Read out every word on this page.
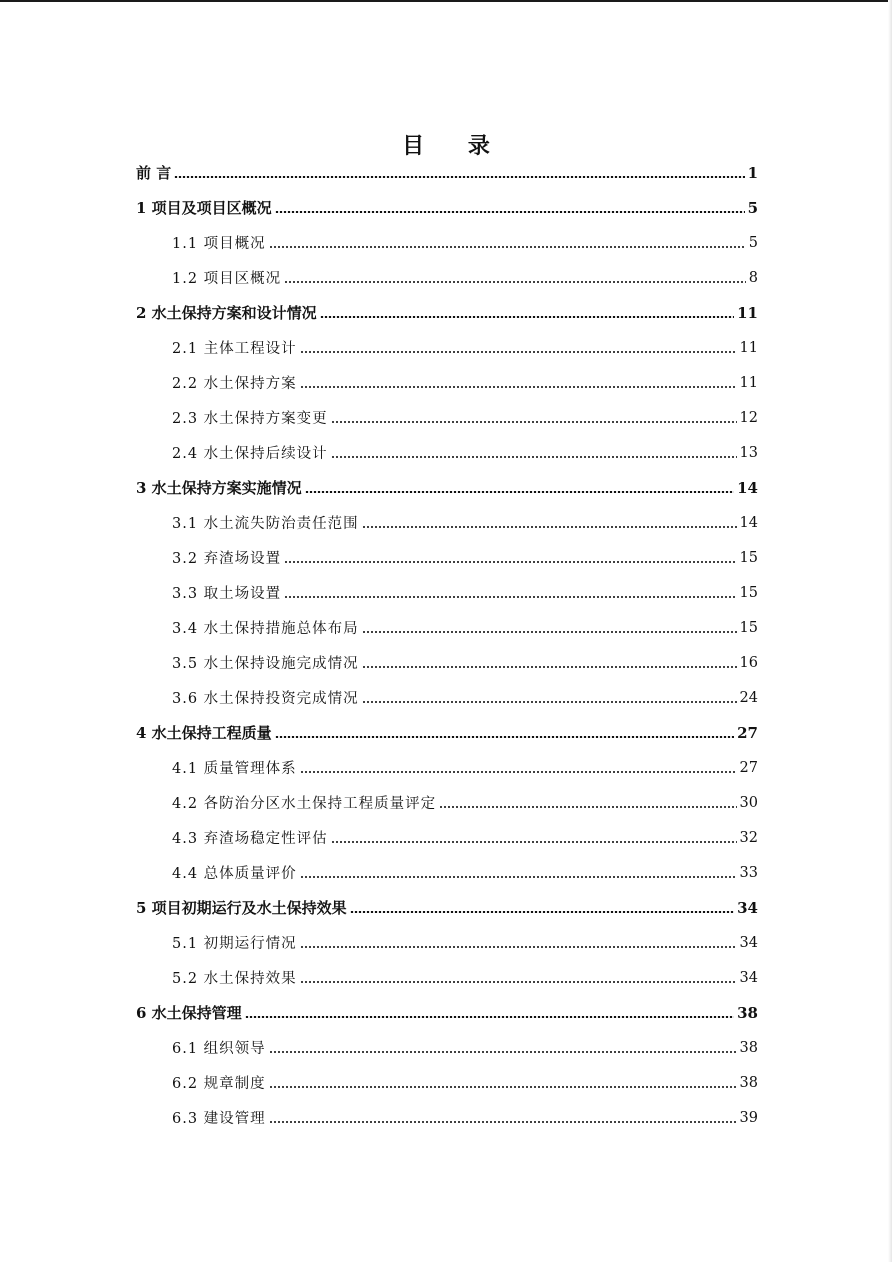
目 录
前 言	1
1 项目及项目区概况	5
1.1 项目概况	5
1.2 项目区概况	8
2 水土保持方案和设计情况	11
2.1 主体工程设计	11
2.2 水土保持方案	11
2.3 水土保持方案变更	12
2.4 水土保持后续设计	13
3 水土保持方案实施情况	14
3.1 水土流失防治责任范围	14
3.2 弃渣场设置	15
3.3 取土场设置	15
3.4 水土保持措施总体布局	15
3.5 水土保持设施完成情况	16
3.6 水土保持投资完成情况	24
4 水土保持工程质量	27
4.1 质量管理体系	27
4.2 各防治分区水土保持工程质量评定	30
4.3 弃渣场稳定性评估	32
4.4 总体质量评价	33
5 项目初期运行及水土保持效果	34
5.1 初期运行情况	34
5.2 水土保持效果	34
6 水土保持管理	38
6.1 组织领导	38
6.2 规章制度	38
6.3 建设管理	39
